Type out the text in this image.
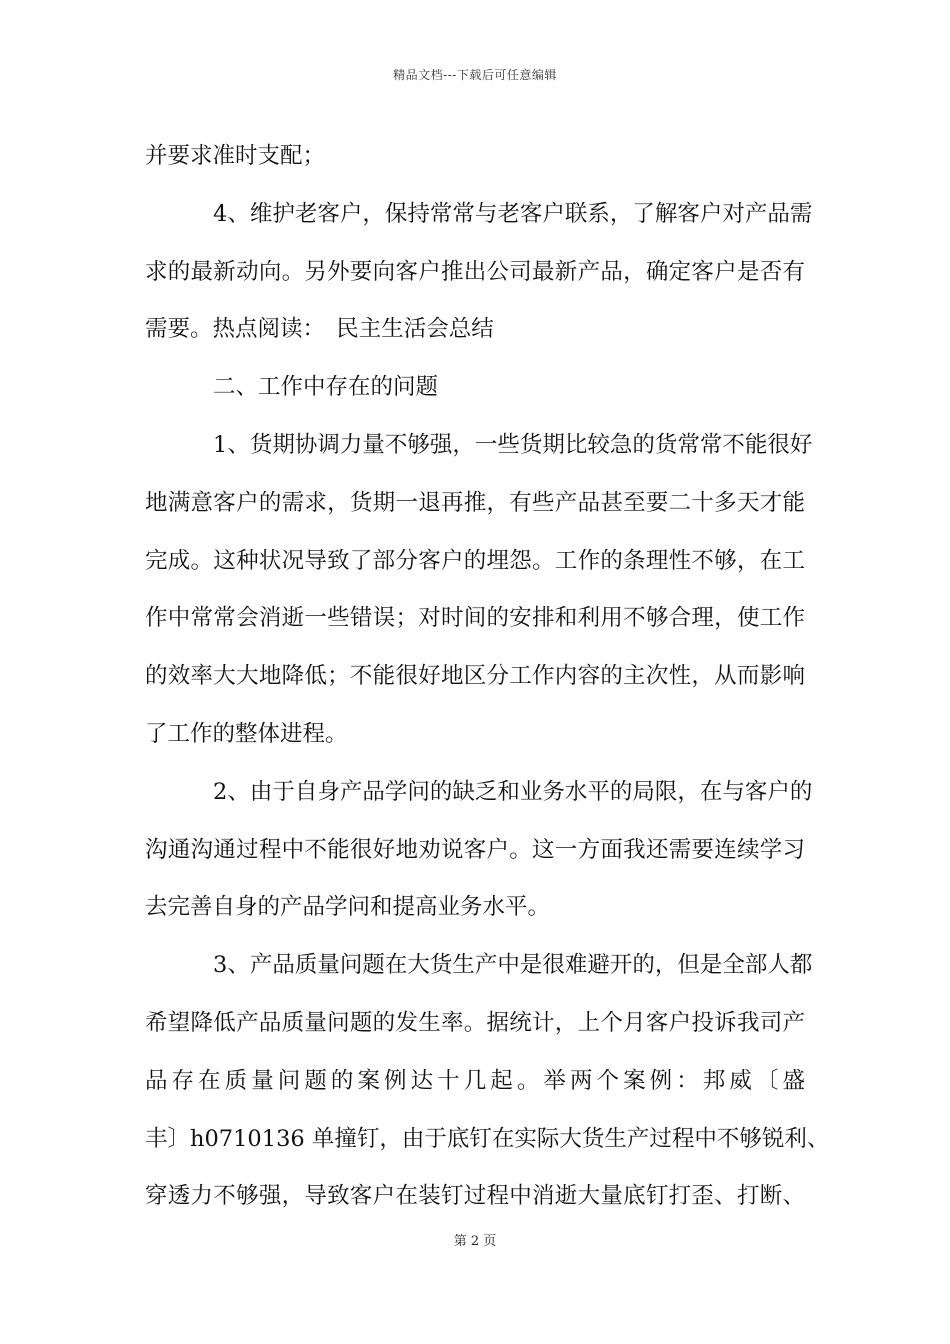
精品文档---下载后可任意编辑
并要求准时支配；
4、维护老客户，保持常常与老客户联系，了解客户对产品需
求的最新动向。另外要向客户推出公司最新产品，确定客户是否有
需要。热点阅读：　民主生活会总结
二、工作中存在的问题
1、货期协调力量不够强，一些货期比较急的货常常不能很好
地满意客户的需求，货期一退再推，有些产品甚至要二十多天才能
完成。这种状况导致了部分客户的埋怨。工作的条理性不够，在工
作中常常会消逝一些错误；对时间的安排和利用不够合理，使工作
的效率大大地降低；不能很好地区分工作内容的主次性，从而影响
了工作的整体进程。
2、由于自身产品学问的缺乏和业务水平的局限，在与客户的
沟通沟通过程中不能很好地劝说客户。这一方面我还需要连续学习
去完善自身的产品学问和提高业务水平。
3、产品质量问题在大货生产中是很难避开的，但是全部人都
希望降低产品质量问题的发生率。据统计，上个月客户投诉我司产
品存在质量问题的案例达十几起。举两个案例：邦威〔盛
丰〕h0710136 单撞钉，由于底钉在实际大货生产过程中不够锐利、
穿透力不够强，导致客户在装钉过程中消逝大量底钉打歪、打断、
第 2 页
